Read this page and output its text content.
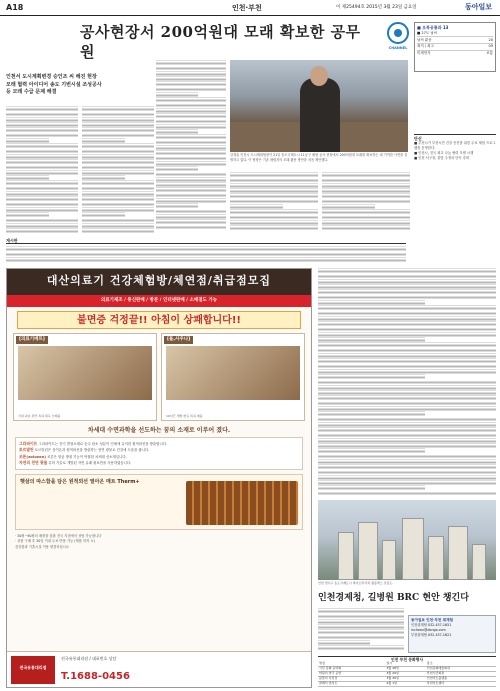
A18	인천·부천	이 제25494호 2015년 3월 23일 금요일	동아일보
공사현장서 200억원대 모래 확보한 공무원	CHANNEL
■ 오목공룡과 13
■ 27도 날씨
날씨 맑음	20
최저 / 최고	09
미세먼지	보통
인천서 도시계획변경 승인조 씨 해진 현장 모래 협력 아이디어 송도 기번시설 조성공사 등 모래 수급 문제 해결
강경훈 인천시 도시계획팀장이 21일 송도국제도시 11공구 매립 공사 현장에서 200억원대 모래를 확보하는 데 기여한 사연을 설명하고 있다. 이 팀장은 기존 매립지의 모래 활용 방안을 처음 제안했다.
단신
■ 부천시가 부천시민 건강 증진을 위한 무료 체험 프로그램을 운영한다.
■ 인천시, 전국 최초 나눔 협력 모델 시행
■ 인천 서구청, 불법 주정차 단속 강화
게시판
대산의료기 건강체험방/체연점/취급점모집
의료기제조 / 통신판매 / 방문 / 인터넷판매 / 소매점도 가능
불면증 걱정끝!! 아침이 상쾌합니다!!
[의료기매트]
국내 최초 관련 특허 획득 신제품
[돌,사우나]
10년간 개발 완료 특허 제품
차세대 수면과학을 선도하는 꿈의 소재로 이루어 졌다.
그라파이트 그라파이트는 전기 발열소재로 순수 탄소 성분이 인체에 유익한 원적외선을 방출합니다.
토르말린 토르말린은 음이온과 원적외선을 방출하는 천연 광물로 건강에 도움을 줍니다.
조론(zolozan) 조론은 항균 방취 기능이 탁월한 차세대 신소재입니다.
자연의 천연 광물 특허 기술로 개발된 자연 유래 원료만을 사용하였습니다.
햇살의 따스함을 담은 원적외선 열아온 매트 Therm+
· 30평~90평의 매장을 갖춘 전국 지점에서 상담 가능합니다
· 상품 구매 후 30일 이내 무료 반품 가능 (제품 하자 시)
건강함과 기혼시설 이용 변경하십시오
전국유통대리점
전국유통대리점 / 대표번호 상담
T.1688-0456
인천 연수구 송도국제도시 바이오리서치 콤플렉스 조감도.
인천경제청, 길병원 BRC 현안 챙긴다
동아일보 인천·부천 취재팀
인천취재팀 032-437-1651
incheon@donga.com
부천취재팀 032-437-1621
인천 부천 문화행사
명칭	일시	장소
시민 문화 음악회	3월 28일	인천문화예술회관
어린이 연극 공연	3월 29일	부천시민회관
봄맞이 사진전	3월 30일	인천아트플랫폼
클래식 콘서트	4월 1일	부천아트센터
